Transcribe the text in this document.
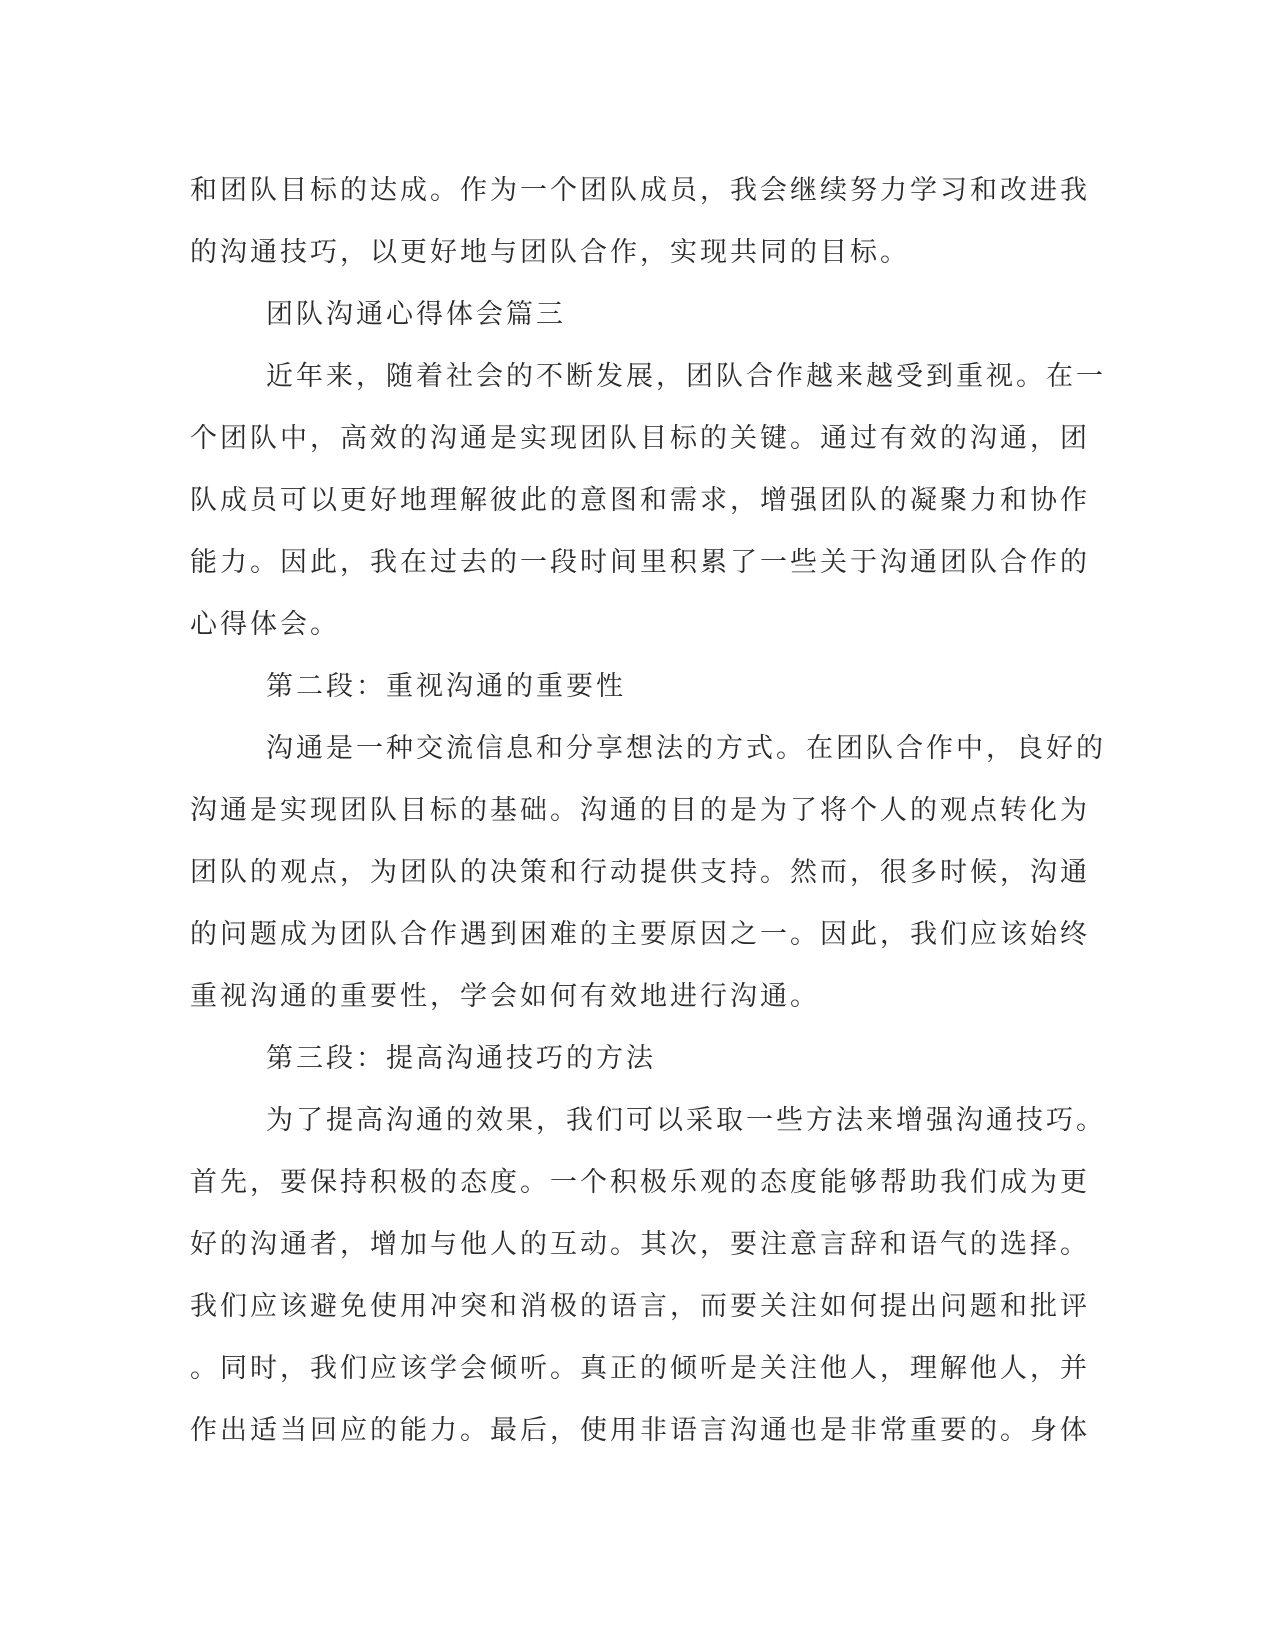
和团队目标的达成。作为一个团队成员，我会继续努力学习和改进我
的沟通技巧，以更好地与团队合作，实现共同的目标。
团队沟通心得体会篇三
近年来，随着社会的不断发展，团队合作越来越受到重视。在一
个团队中，高效的沟通是实现团队目标的关键。通过有效的沟通，团
队成员可以更好地理解彼此的意图和需求，增强团队的凝聚力和协作
能力。因此，我在过去的一段时间里积累了一些关于沟通团队合作的
心得体会。
第二段：重视沟通的重要性
沟通是一种交流信息和分享想法的方式。在团队合作中，良好的
沟通是实现团队目标的基础。沟通的目的是为了将个人的观点转化为
团队的观点，为团队的决策和行动提供支持。然而，很多时候，沟通
的问题成为团队合作遇到困难的主要原因之一。因此，我们应该始终
重视沟通的重要性，学会如何有效地进行沟通。
第三段：提高沟通技巧的方法
为了提高沟通的效果，我们可以采取一些方法来增强沟通技巧。
首先，要保持积极的态度。一个积极乐观的态度能够帮助我们成为更
好的沟通者，增加与他人的互动。其次，要注意言辞和语气的选择。
我们应该避免使用冲突和消极的语言，而要关注如何提出问题和批评
。同时，我们应该学会倾听。真正的倾听是关注他人，理解他人，并
作出适当回应的能力。最后，使用非语言沟通也是非常重要的。身体
